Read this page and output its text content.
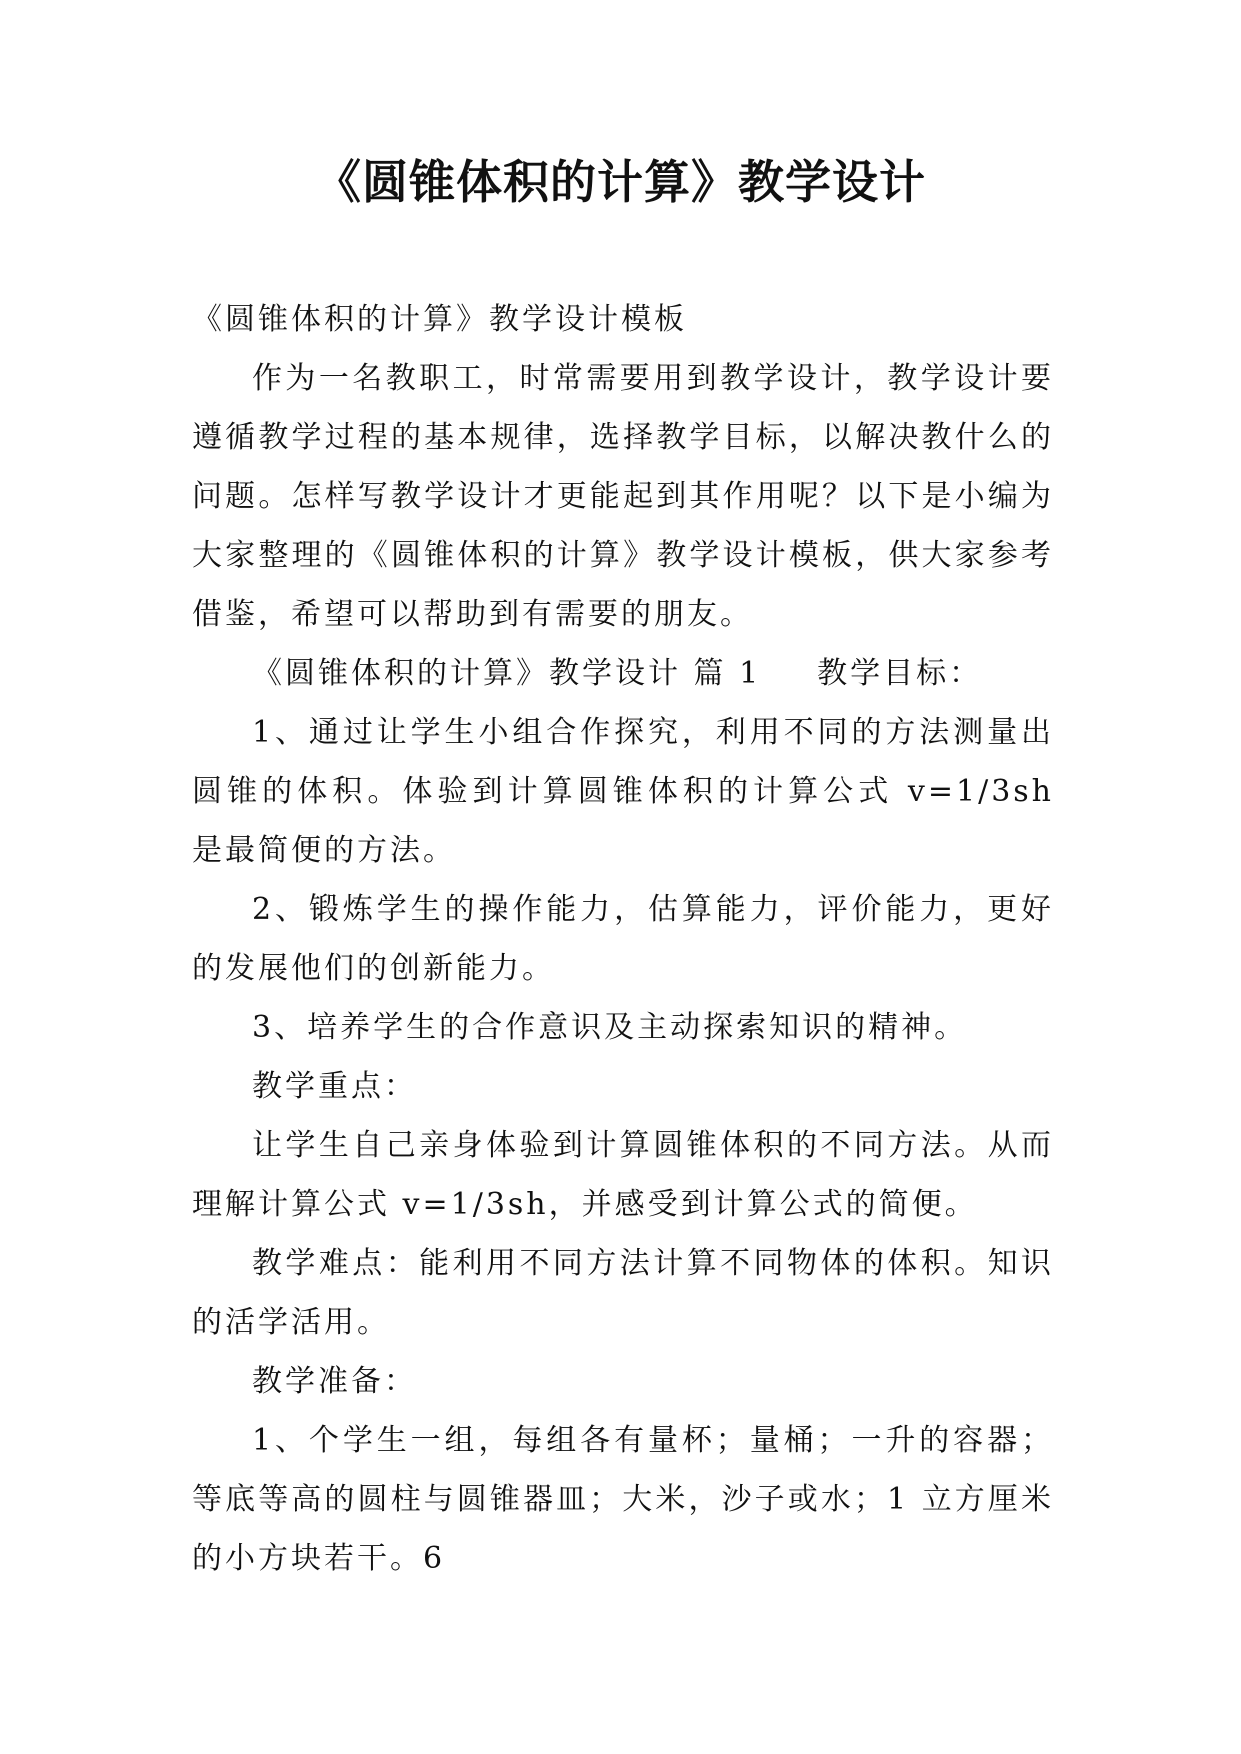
《圆锥体积的计算》教学设计

《圆锥体积的计算》教学设计模板

作为一名教职工，时常需要用到教学设计，教学设计要遵循教学过程的基本规律，选择教学目标，以解决教什么的问题。怎样写教学设计才更能起到其作用呢？以下是小编为大家整理的《圆锥体积的计算》教学设计模板，供大家参考借鉴，希望可以帮助到有需要的朋友。

《圆锥体积的计算》教学设计 篇 1 教学目标：

1、通过让学生小组合作探究，利用不同的方法测量出圆锥的体积。体验到计算圆锥体积的计算公式 v=1/3sh 是最简便的方法。

2、锻炼学生的操作能力，估算能力，评价能力，更好的发展他们的创新能力。

3、培养学生的合作意识及主动探索知识的精神。

教学重点：

让学生自己亲身体验到计算圆锥体积的不同方法。从而理解计算公式 v=1/3sh，并感受到计算公式的简便。

教学难点：能利用不同方法计算不同物体的体积。知识的活学活用。

教学准备：

1、个学生一组，每组各有量杯；量桶；一升的容器；等底等高的圆柱与圆锥器皿；大米，沙子或水；1 立方厘米的小方块若干。6
